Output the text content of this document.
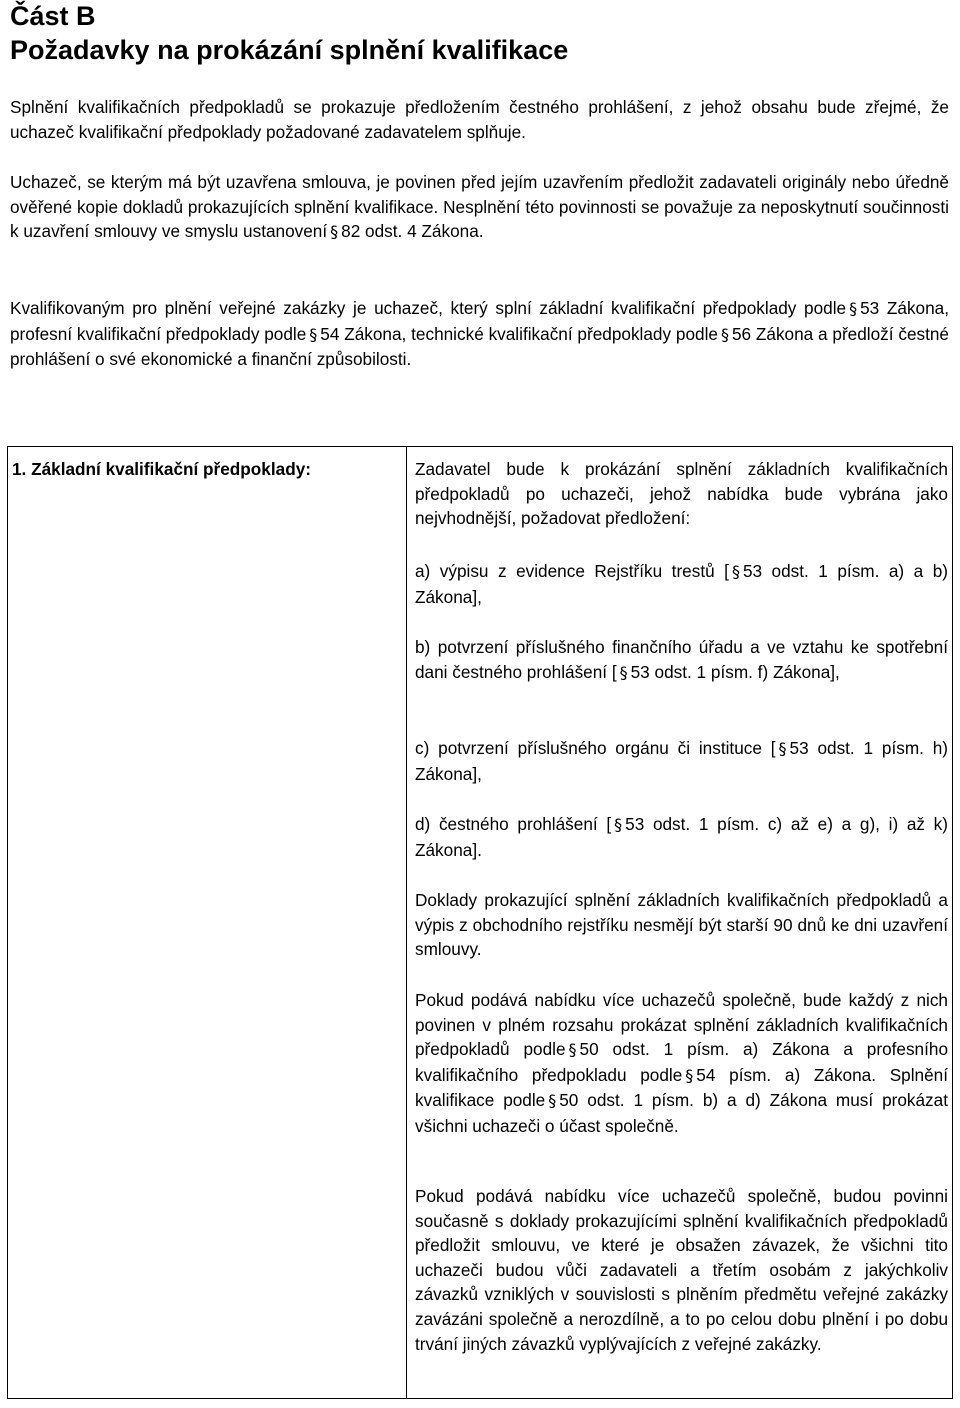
Část B
Požadavky na prokázání splnění kvalifikace
Splnění kvalifikačních předpokladů se prokazuje předložením čestného prohlášení, z jehož obsahu bude zřejmé, že uchazeč kvalifikační předpoklady požadované zadavatelem splňuje.
Uchazeč, se kterým má být uzavřena smlouva, je povinen před jejím uzavřením předložit zadavateli originály nebo úředně ověřené kopie dokladů prokazujících splnění kvalifikace. Nesplnění této povinnosti se považuje za neposkytnutí součinnosti k uzavření smlouvy ve smyslu ustanovení § 82 odst. 4 Zákona.
Kvalifikovaným pro plnění veřejné zakázky je uchazeč, který splní základní kvalifikační předpoklady podle § 53 Zákona, profesní kvalifikační předpoklady podle § 54 Zákona, technické kvalifikační předpoklady podle § 56 Zákona a předloží čestné prohlášení o své ekonomické a finanční způsobilosti.
1. Základní kvalifikační předpoklady:	Zadavatel bude k prokázání splnění základních kvalifikačních předpokladů po uchazeči, jehož nabídka bude vybrána jako nejvhodnější, požadovat předložení:
a) výpisu z evidence Rejstříku trestů [ § 53 odst. 1 písm. a) a b) Zákona],
b) potvrzení příslušného finančního úřadu a ve vztahu ke spotřební dani čestného prohlášení [ § 53 odst. 1 písm. f) Zákona],
c) potvrzení příslušného orgánu či instituce [ § 53 odst. 1 písm. h) Zákona],
d) čestného prohlášení [ § 53 odst. 1 písm. c) až e) a g), i) až k) Zákona].
Doklady prokazující splnění základních kvalifikačních předpokladů a výpis z obchodního rejstříku nesmějí být starší 90 dnů ke dni uzavření smlouvy.
Pokud podává nabídku více uchazečů společně, bude každý z nich povinen v plném rozsahu prokázat splnění základních kvalifikačních předpokladů podle § 50 odst. 1 písm. a) Zákona a profesního kvalifikačního předpokladu podle § 54 písm. a) Zákona. Splnění kvalifikace podle § 50 odst. 1 písm. b) a d) Zákona musí prokázat všichni uchazeči o účast společně.
Pokud podává nabídku více uchazečů společně, budou povinni současně s doklady prokazujícími splnění kvalifikačních předpokladů předložit smlouvu, ve které je obsažen závazek, že všichni tito uchazeči budou vůči zadavateli a třetím osobám z jakýchkoliv závazků vzniklých v souvislosti s plněním předmětu veřejné zakázky zavázáni společně a nerozdílně, a to po celou dobu plnění i po dobu trvání jiných závazků vyplývajících z veřejné zakázky.
